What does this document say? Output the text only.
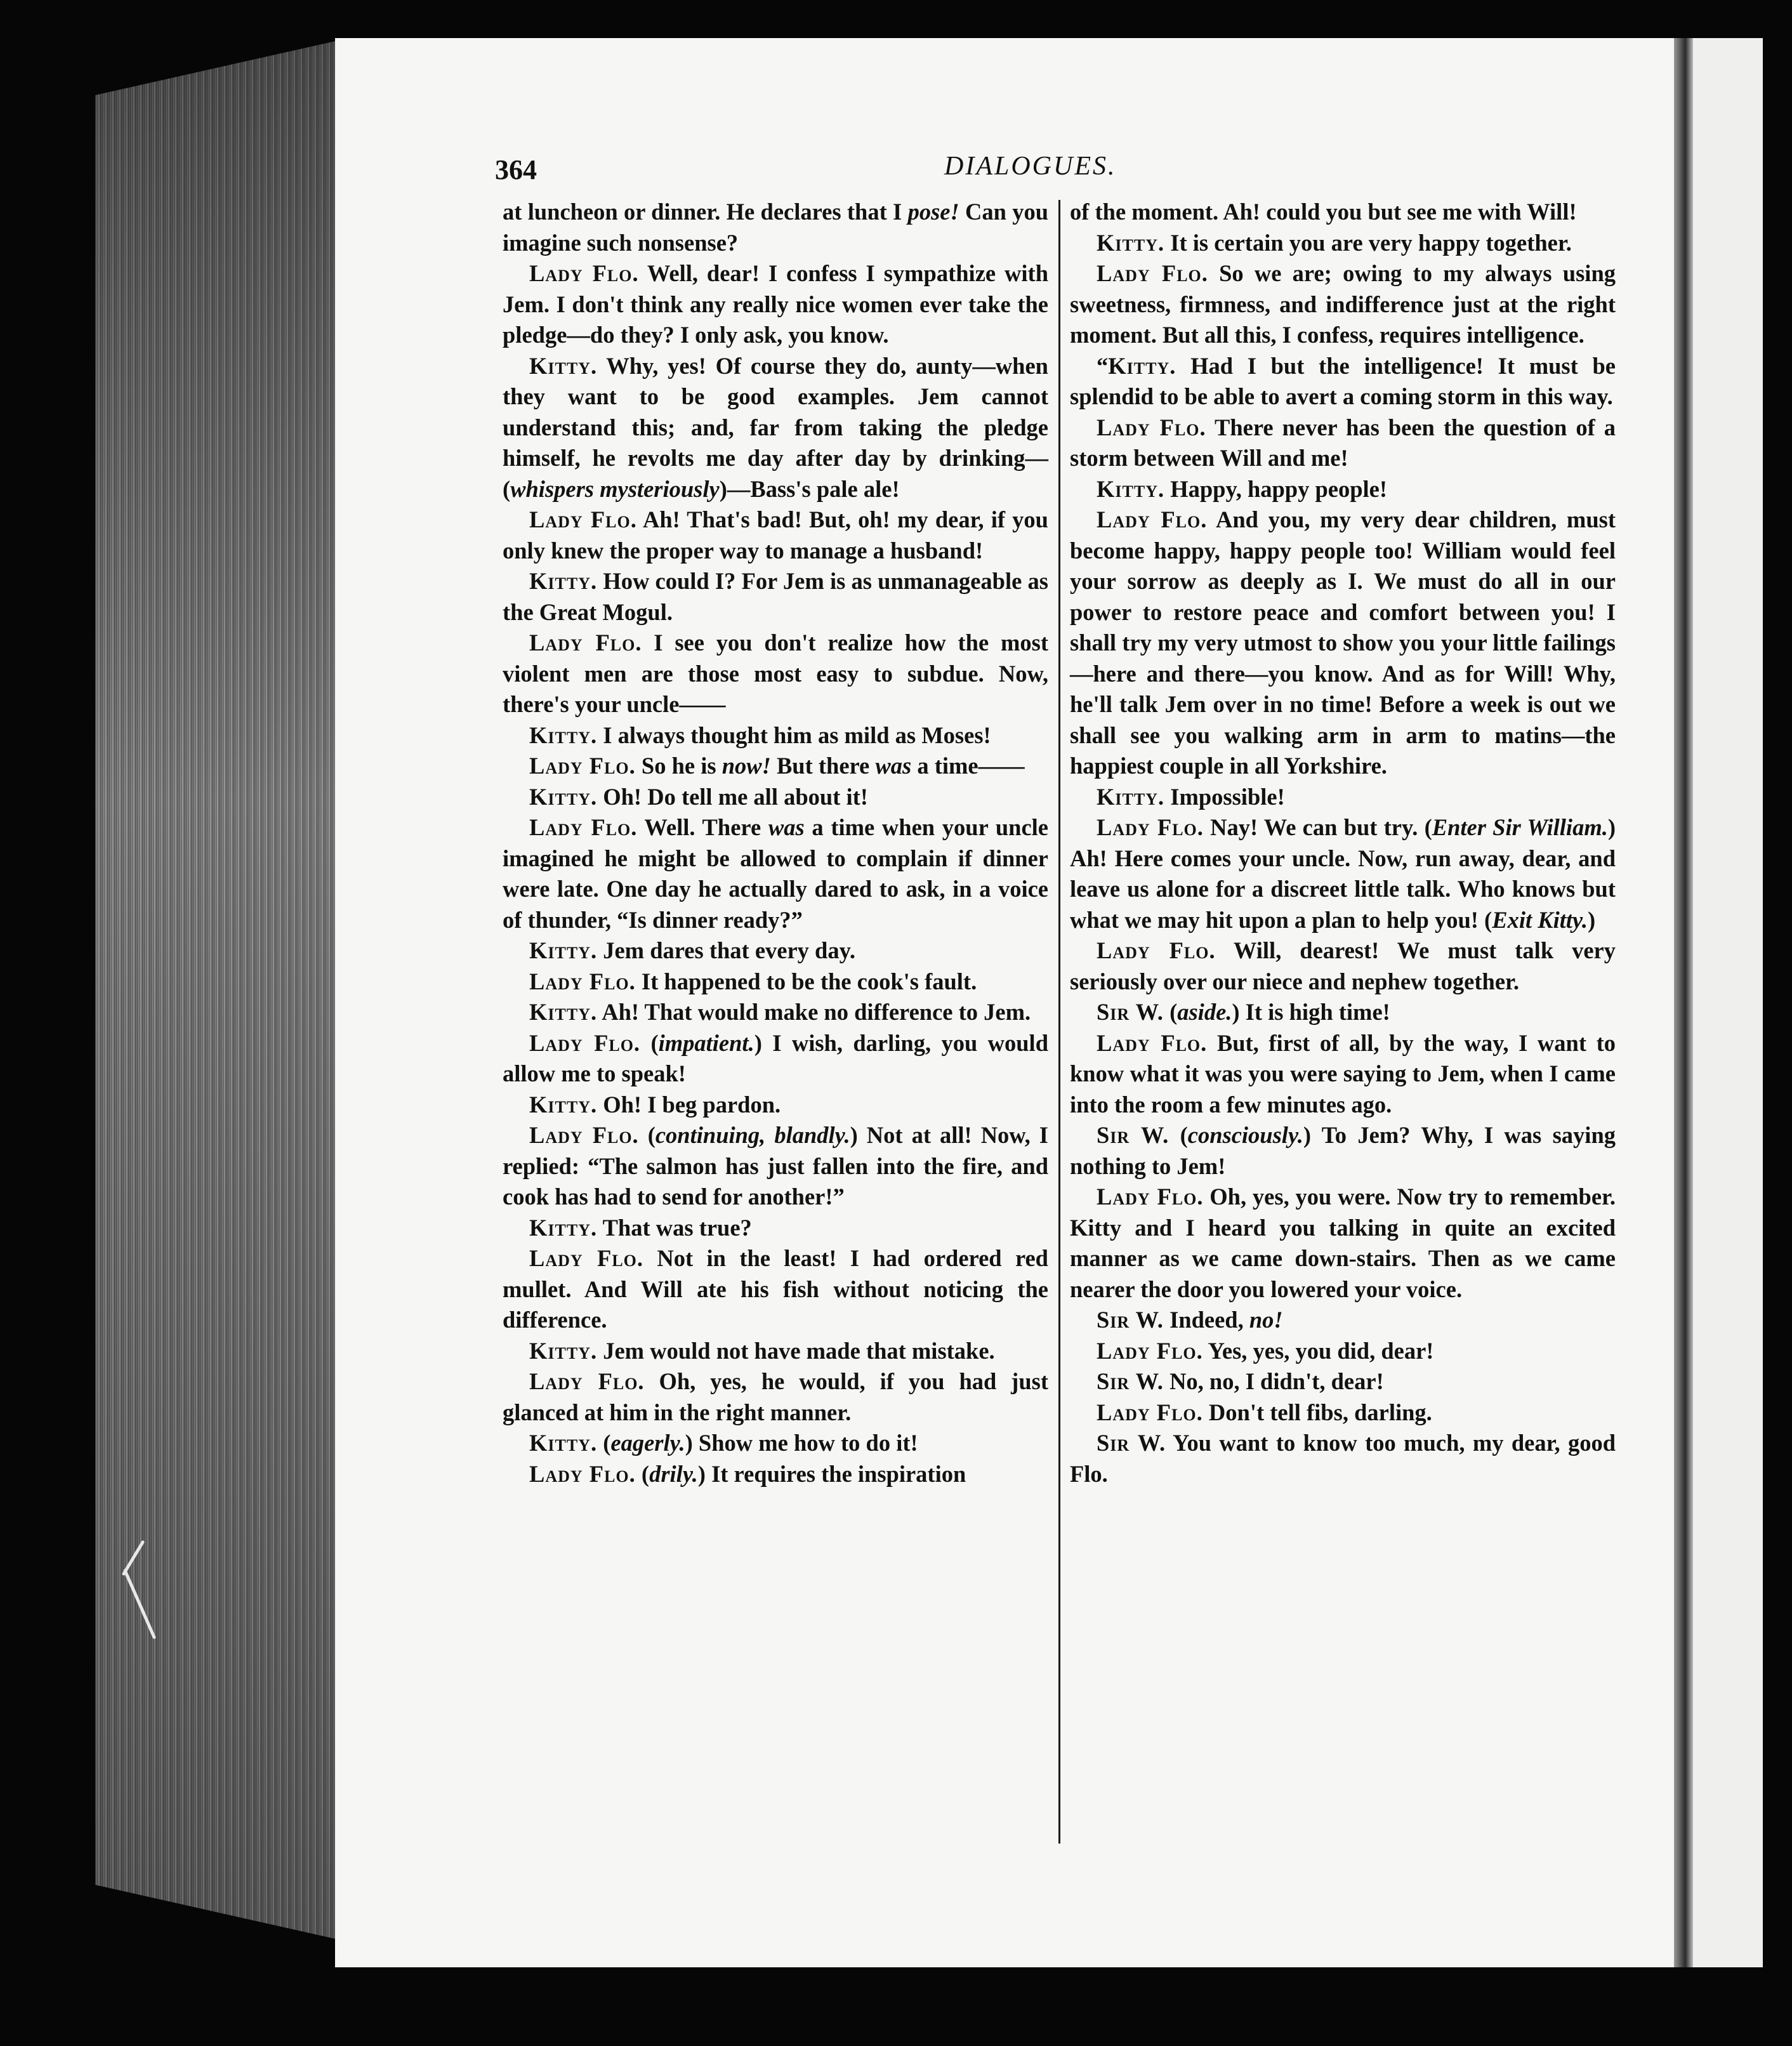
364	DIALOGUES.

at luncheon or dinner. He declares that I pose! Can you imagine such nonsense?

Lady Flo. Well, dear! I confess I sympathize with Jem. I don't think any really nice women ever take the pledge—do they? I only ask, you know.

Kitty. Why, yes! Of course they do, aunty—when they want to be good examples. Jem cannot understand this; and, far from taking the pledge himself, he revolts me day after day by drinking—(whispers mysteriously)—Bass's pale ale!

Lady Flo. Ah! That's bad! But, oh! my dear, if you only knew the proper way to manage a husband!

Kitty. How could I? For Jem is as unmanageable as the Great Mogul.

Lady Flo. I see you don't realize how the most violent men are those most easy to subdue. Now, there's your uncle——

Kitty. I always thought him as mild as Moses!

Lady Flo. So he is now! But there was a time——

Kitty. Oh! Do tell me all about it!

Lady Flo. Well. There was a time when your uncle imagined he might be allowed to complain if dinner were late. One day he actually dared to ask, in a voice of thunder, “Is dinner ready?”

Kitty. Jem dares that every day.

Lady Flo. It happened to be the cook's fault.

Kitty. Ah! That would make no difference to Jem.

Lady Flo. (impatient.) I wish, darling, you would allow me to speak!

Kitty. Oh! I beg pardon.

Lady Flo. (continuing, blandly.) Not at all! Now, I replied: “The salmon has just fallen into the fire, and cook has had to send for another!”

Kitty. That was true?

Lady Flo. Not in the least! I had ordered red mullet. And Will ate his fish without noticing the difference.

Kitty. Jem would not have made that mistake.

Lady Flo. Oh, yes, he would, if you had just glanced at him in the right manner.

Kitty. (eagerly.) Show me how to do it!

Lady Flo. (drily.) It requires the inspiration

of the moment. Ah! could you but see me with Will!

Kitty. It is certain you are very happy together.

Lady Flo. So we are; owing to my always using sweetness, firmness, and indifference just at the right moment. But all this, I confess, requires intelligence.

“Kitty. Had I but the intelligence! It must be splendid to be able to avert a coming storm in this way.

Lady Flo. There never has been the question of a storm between Will and me!

Kitty. Happy, happy people!

Lady Flo. And you, my very dear children, must become happy, happy people too! William would feel your sorrow as deeply as I. We must do all in our power to restore peace and comfort between you! I shall try my very utmost to show you your little failings—here and there—you know. And as for Will! Why, he'll talk Jem over in no time! Before a week is out we shall see you walking arm in arm to matins—the happiest couple in all Yorkshire.

Kitty. Impossible!

Lady Flo. Nay! We can but try. (Enter Sir William.) Ah! Here comes your uncle. Now, run away, dear, and leave us alone for a discreet little talk. Who knows but what we may hit upon a plan to help you! (Exit Kitty.)

Lady Flo. Will, dearest! We must talk very seriously over our niece and nephew together.

Sir W. (aside.) It is high time!

Lady Flo. But, first of all, by the way, I want to know what it was you were saying to Jem, when I came into the room a few minutes ago.

Sir W. (consciously.) To Jem? Why, I was saying nothing to Jem!

Lady Flo. Oh, yes, you were. Now try to remember. Kitty and I heard you talking in quite an excited manner as we came down-stairs. Then as we came nearer the door you lowered your voice.

Sir W. Indeed, no!

Lady Flo. Yes, yes, you did, dear!

Sir W. No, no, I didn't, dear!

Lady Flo. Don't tell fibs, darling.

Sir W. You want to know too much, my dear, good Flo.
